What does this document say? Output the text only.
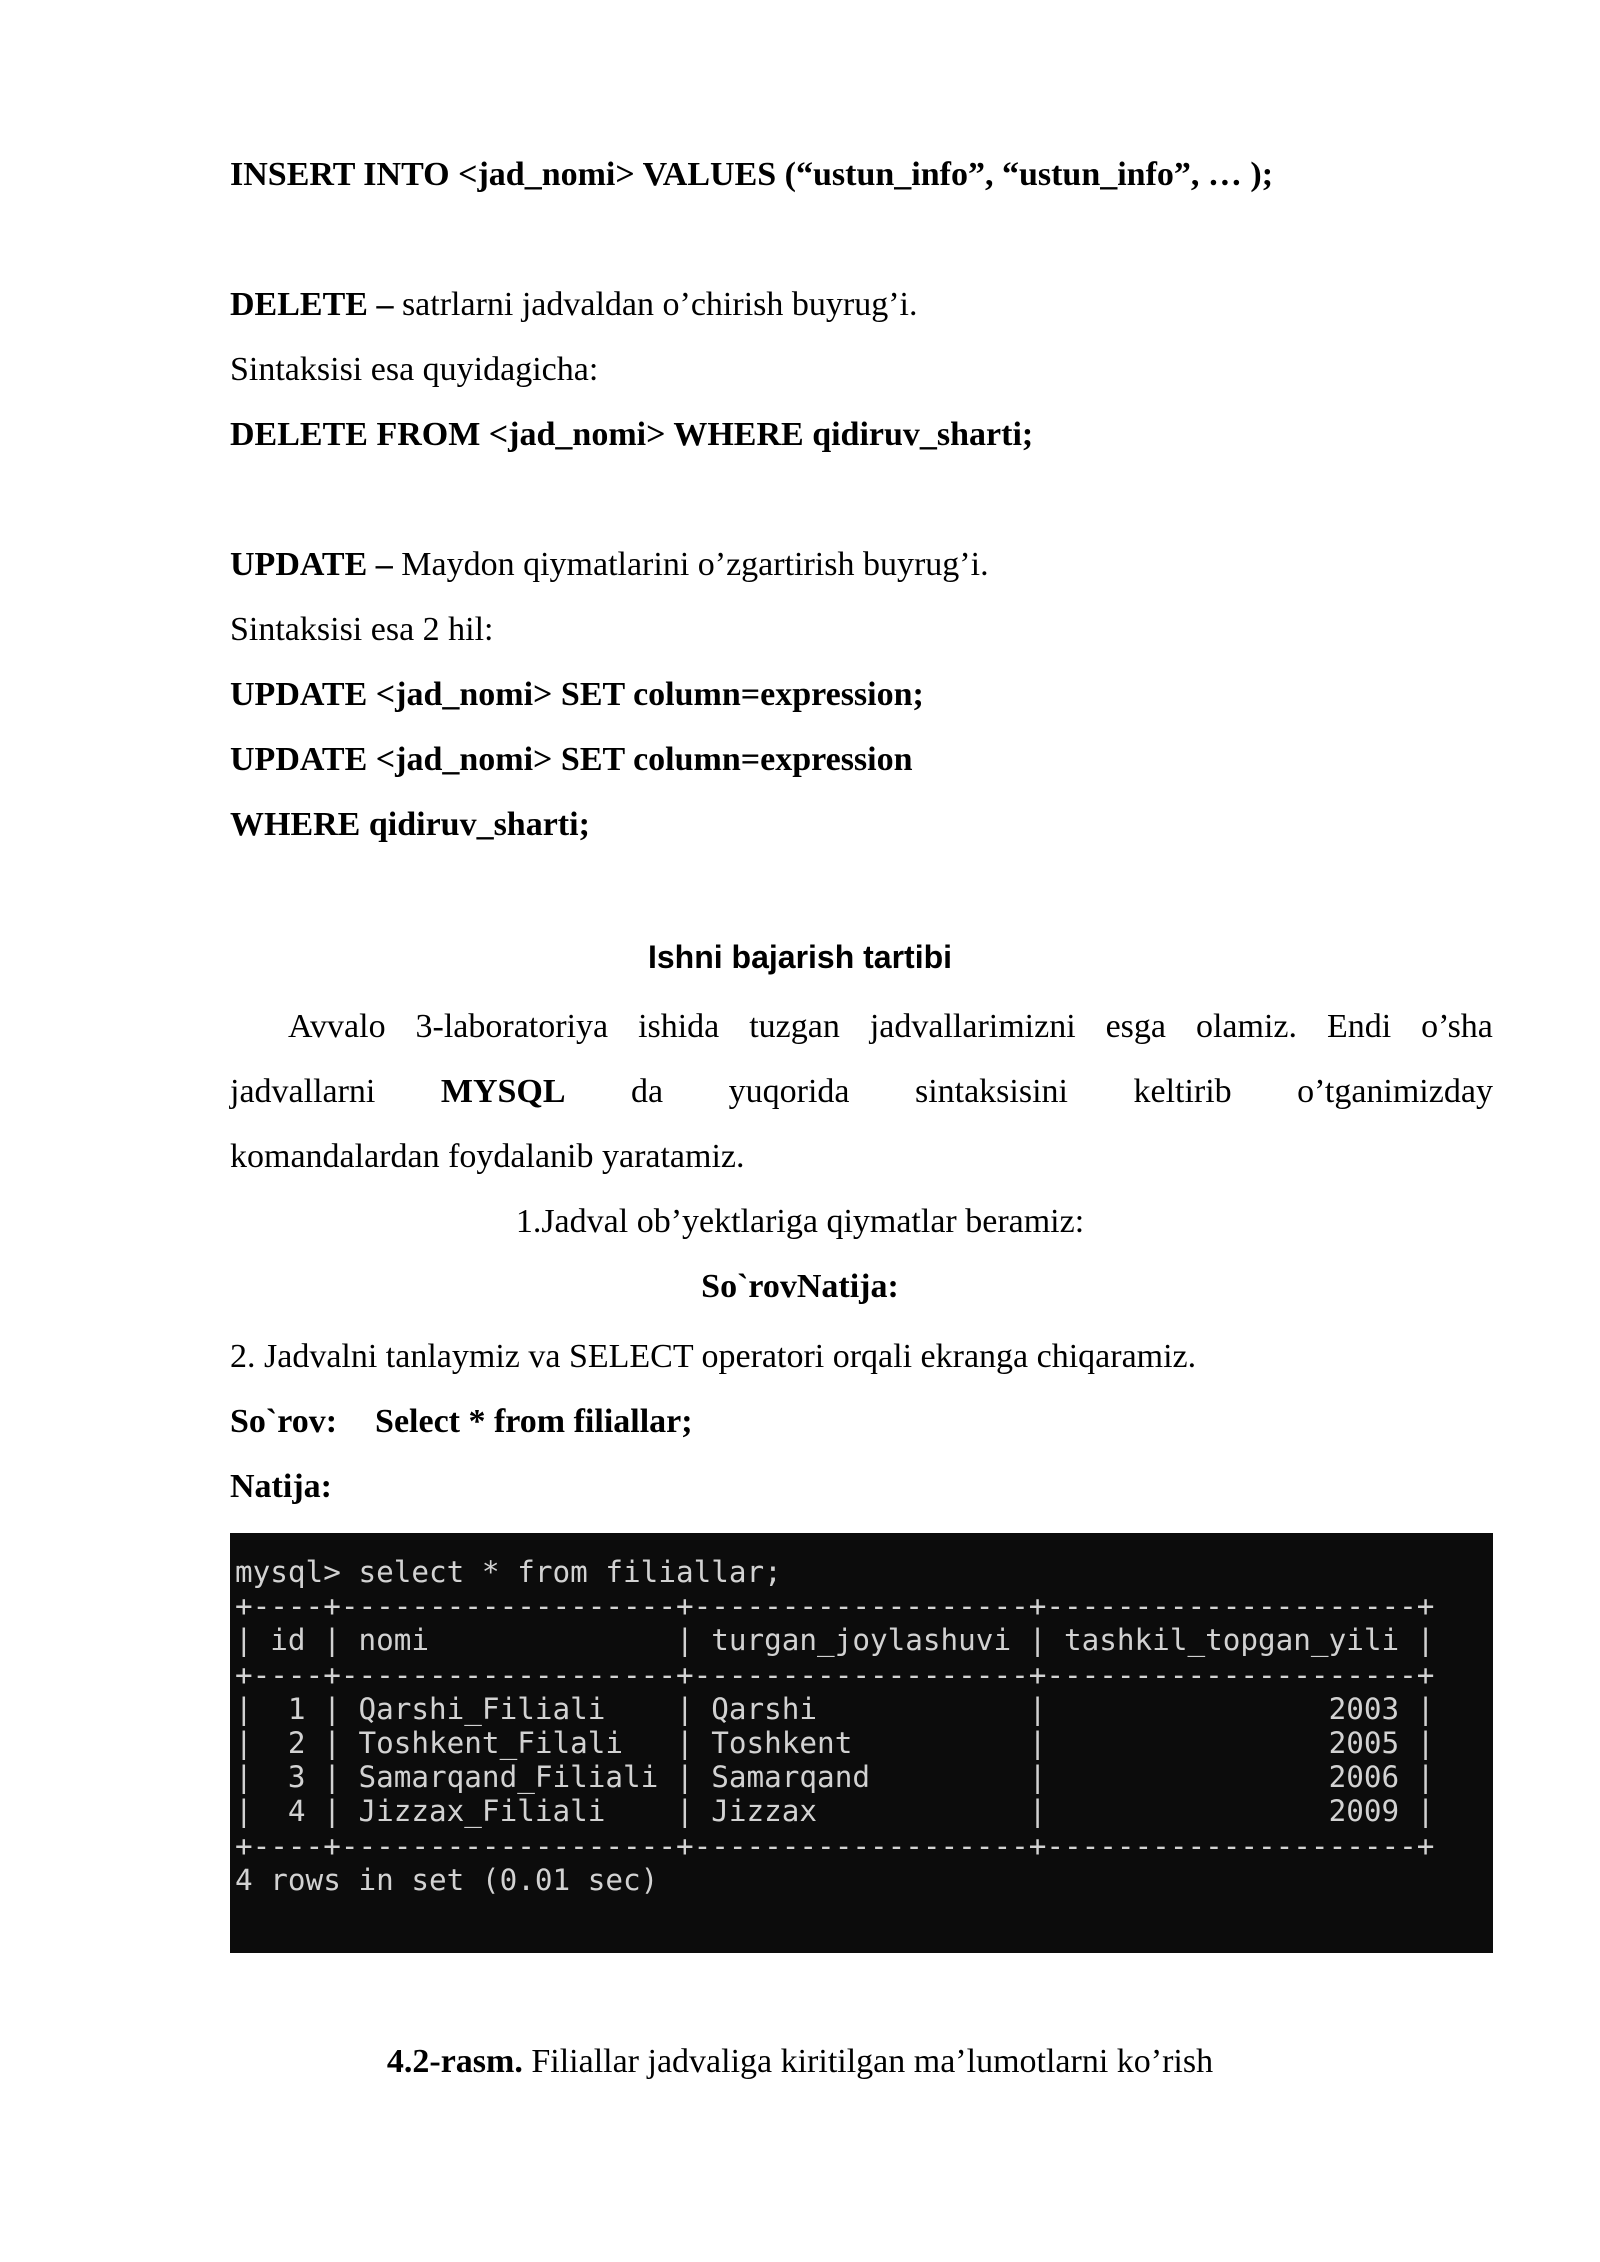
INSERT INTO <jad_nomi> VALUES (“ustun_info”, “ustun_info”, … );
DELETE – satrlarni jadvaldan o’chirish buyrug’i.
Sintaksisi esa quyidagicha:
DELETE FROM <jad_nomi> WHERE qidiruv_sharti;
UPDATE – Maydon qiymatlarini o’zgartirish buyrug’i.
Sintaksisi esa 2 hil:
UPDATE <jad_nomi> SET column=expression;
UPDATE <jad_nomi> SET column=expression
WHERE qidiruv_sharti;
Ishni bajarish tartibi
Avvalo 3-laboratoriya ishida tuzgan jadvallarimizni esga olamiz. Endi o’sha
jadvallarni MYSQL da yuqorida sintaksisini keltirib o’tganimizday
komandalardan foydalanib yaratamiz.
1.Jadval ob’yektlariga qiymatlar beramiz:
So`rovNatija:
2. Jadvalni tanlaymiz va SELECT operatori orqali ekranga chiqaramiz.
So`rov: Select * from filiallar;
Natija:
mysql> select * from filiallar;
+----+-------------------+-------------------+---------------------+
| id | nomi              | turgan_joylashuvi | tashkil_topgan_yili |
+----+-------------------+-------------------+---------------------+
|  1 | Qarshi_Filiali    | Qarshi            |                2003 |
|  2 | Toshkent_Filali   | Toshkent          |                2005 |
|  3 | Samarqand_Filiali | Samarqand         |                2006 |
|  4 | Jizzax_Filiali    | Jizzax            |                2009 |
+----+-------------------+-------------------+---------------------+
4 rows in set (0.01 sec)
4.2-rasm. Filiallar jadvaliga kiritilgan ma’lumotlarni ko’rish
